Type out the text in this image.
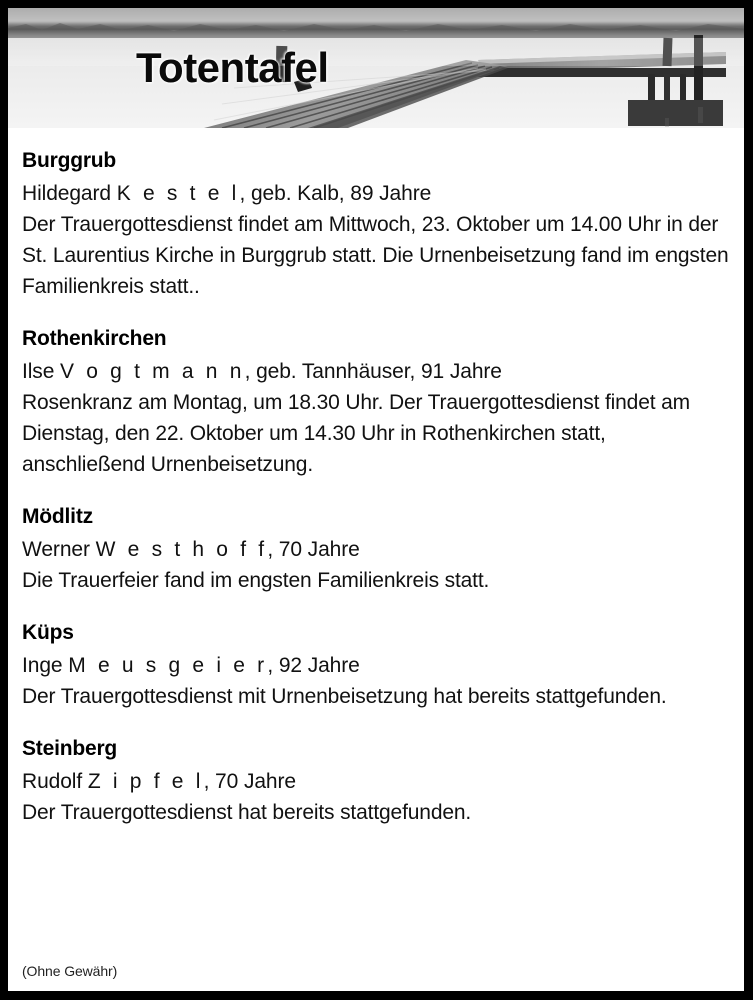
Totentafel
Burggrub

Hildegard K e s t e l, geb. Kalb, 89 Jahre

Der Trauergottesdienst findet am Mittwoch, 23. Oktober um 14.00 Uhr in der St. Laurentius Kirche in Burggrub statt. Die Urnenbeisetzung fand im engsten Familienkreis statt..

Rothenkirchen

Ilse V o g t m a n n, geb. Tannhäuser, 91 Jahre

Rosenkranz am Montag, um 18.30 Uhr. Der Trauergottesdienst findet am Dienstag, den 22. Oktober um 14.30 Uhr in Rothenkirchen statt, anschließend Urnenbeisetzung.

Mödlitz

Werner W e s t h o f f, 70 Jahre

Die Trauerfeier fand im engsten Familienkreis statt.

Küps

Inge M e u s g e i e r, 92 Jahre

Der Trauergottesdienst mit Urnenbeisetzung hat bereits stattgefunden.

Steinberg

Rudolf Z i p f e l, 70 Jahre

Der Trauergottesdienst hat bereits stattgefunden.

(Ohne Gewähr)
